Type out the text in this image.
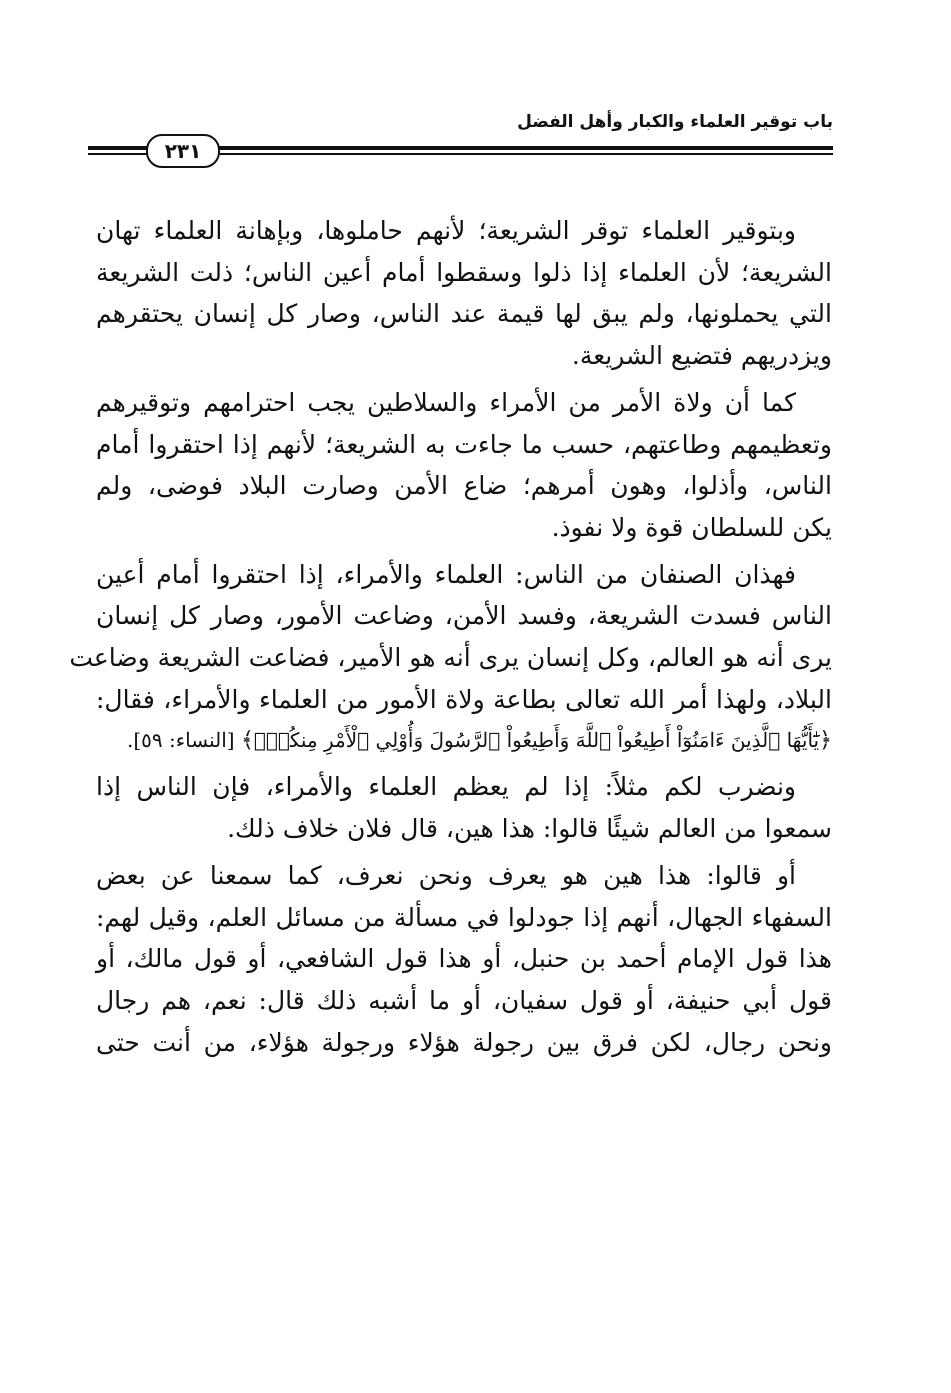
باب توقير العلماء والكبار وأهل الفضل
٢٣١
وبتوقير العلماء توقر الشريعة؛ لأنهم حاملوها، وبإهانة العلماء تهان
الشريعة؛ لأن العلماء إذا ذلوا وسقطوا أمام أعين الناس؛ ذلت الشريعة
التي يحملونها، ولم يبق لها قيمة عند الناس، وصار كل إنسان يحتقرهم
ويزدريهم فتضيع الشريعة.
كما أن ولاة الأمر من الأمراء والسلاطين يجب احترامهم وتوقيرهم
وتعظيمهم وطاعتهم، حسب ما جاءت به الشريعة؛ لأنهم إذا احتقروا أمام
الناس، وأذلوا، وهون أمرهم؛ ضاع الأمن وصارت البلاد فوضى، ولم
يكن للسلطان قوة ولا نفوذ.
فهذان الصنفان من الناس: العلماء والأمراء، إذا احتقروا أمام أعين
الناس فسدت الشريعة، وفسد الأمن، وضاعت الأمور، وصار كل إنسان
يرى أنه هو العالم، وكل إنسان يرى أنه هو الأمير، فضاعت الشريعة وضاعت
البلاد، ولهذا أمر الله تعالى بطاعة ولاة الأمور من العلماء والأمراء، فقال:
﴿يَٰٓأَيُّهَا ٱلَّذِينَ ءَامَنُوٓاْ أَطِيعُواْ ٱللَّهَ وَأَطِيعُواْ ٱلرَّسُولَ وَأُوْلِي ٱلْأَمْرِ مِنكُمْۖ﴾ [النساء: ٥٩].
ونضرب لكم مثلاً: إذا لم يعظم العلماء والأمراء، فإن الناس إذا
سمعوا من العالم شيئًا قالوا: هذا هين، قال فلان خلاف ذلك.
أو قالوا: هذا هين هو يعرف ونحن نعرف، كما سمعنا عن بعض
السفهاء الجهال، أنهم إذا جودلوا في مسألة من مسائل العلم، وقيل لهم:
هذا قول الإمام أحمد بن حنبل، أو هذا قول الشافعي، أو قول مالك، أو
قول أبي حنيفة، أو قول سفيان، أو ما أشبه ذلك قال: نعم، هم رجال
ونحن رجال، لكن فرق بين رجولة هؤلاء ورجولة هؤلاء، من أنت حتى
